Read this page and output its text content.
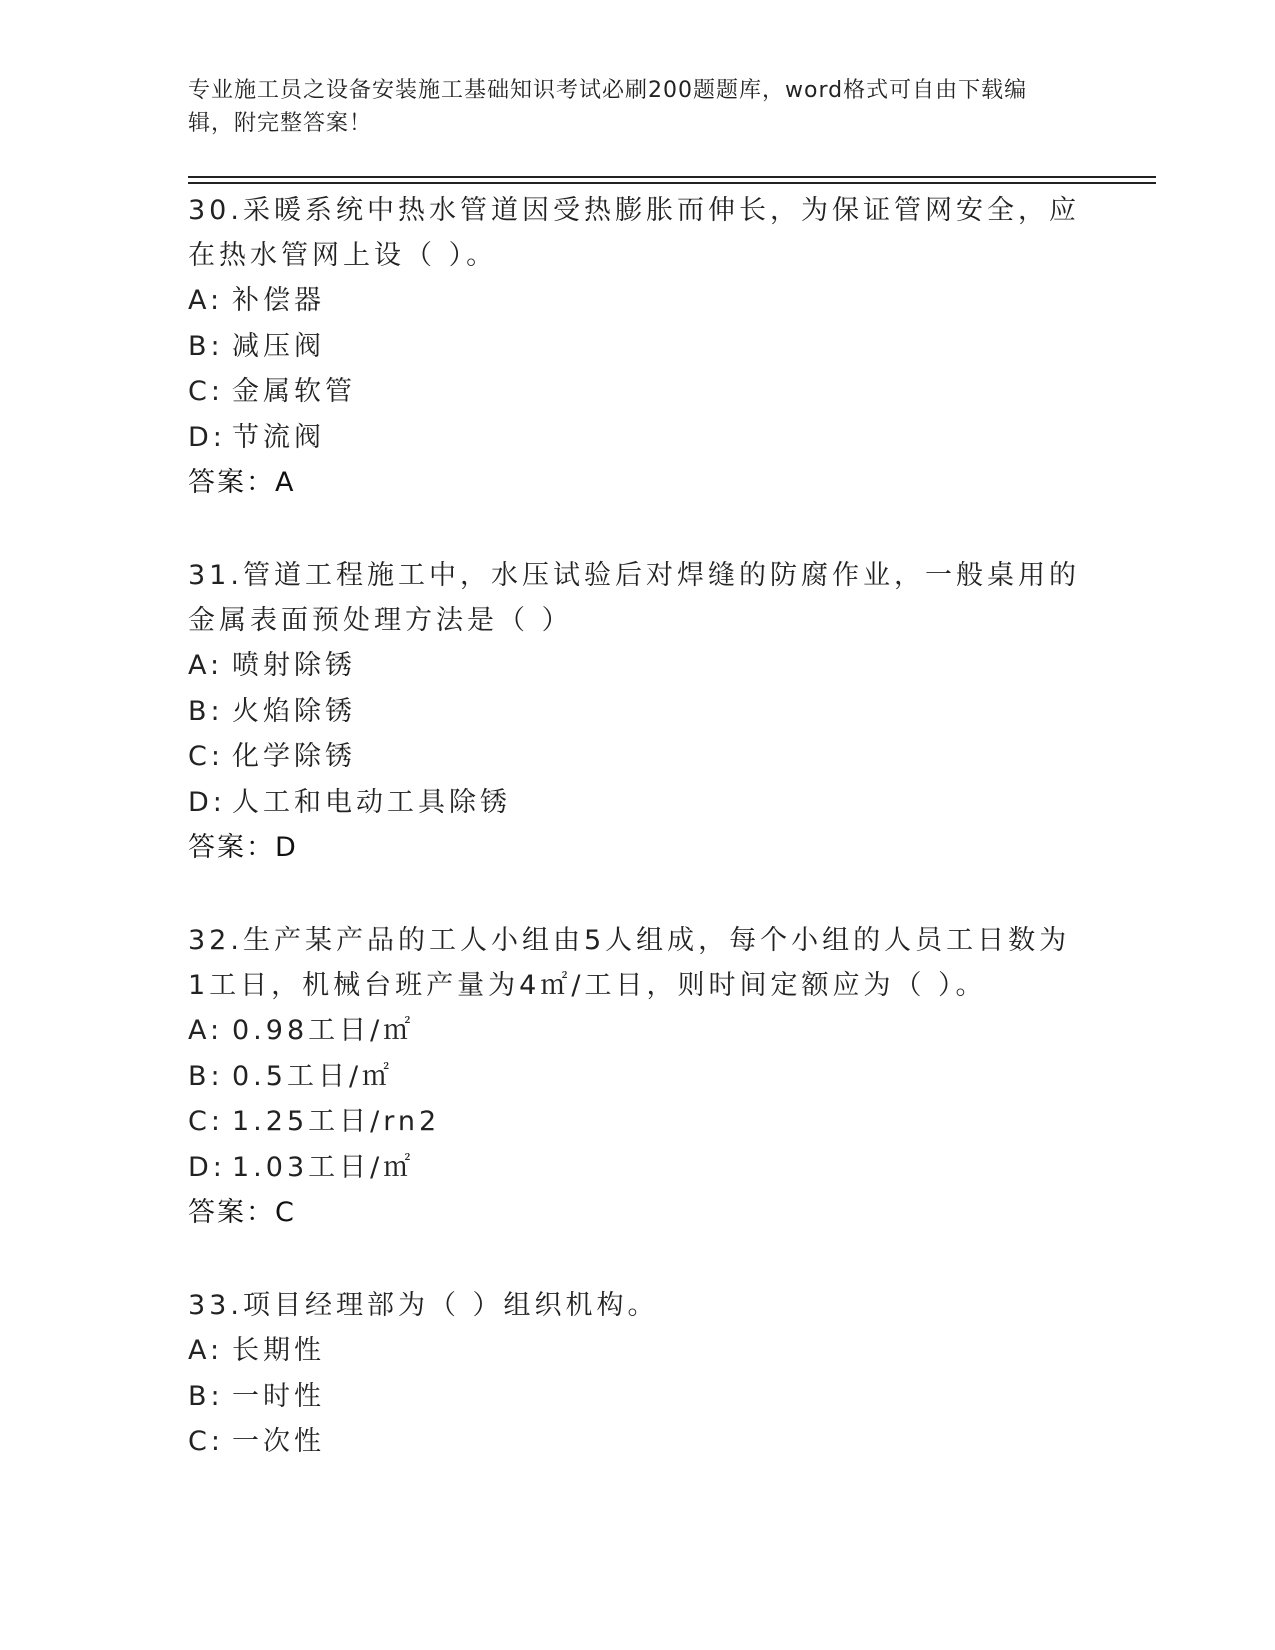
专业施工员之设备安装施工基础知识考试必刷200题题库，word格式可自由下载编辑，附完整答案！

30.采暖系统中热水管道因受热膨胀而伸长，为保证管网安全，应在热水管网上设（ ）。

A: 补偿器
B: 减压阀
C: 金属软管
D: 节流阀
答案：A

31.管道工程施工中，水压试验后对焊缝的防腐作业，一般桌用的金属表面预处理方法是（ ）

A: 喷射除锈
B: 火焰除锈
C: 化学除锈
D: 人工和电动工具除锈
答案：D

32.生产某产品的工人小组由5人组成，每个小组的人员工日数为1工日，机械台班产量为4㎡/工日，则时间定额应为（ ）。

A: 0.98工日/㎡
B: 0.5工日/㎡
C: 1.25工日/rn2
D: 1.03工日/㎡
答案：C

33.项目经理部为（ ）组织机构。

A: 长期性
B: 一时性
C: 一次性
